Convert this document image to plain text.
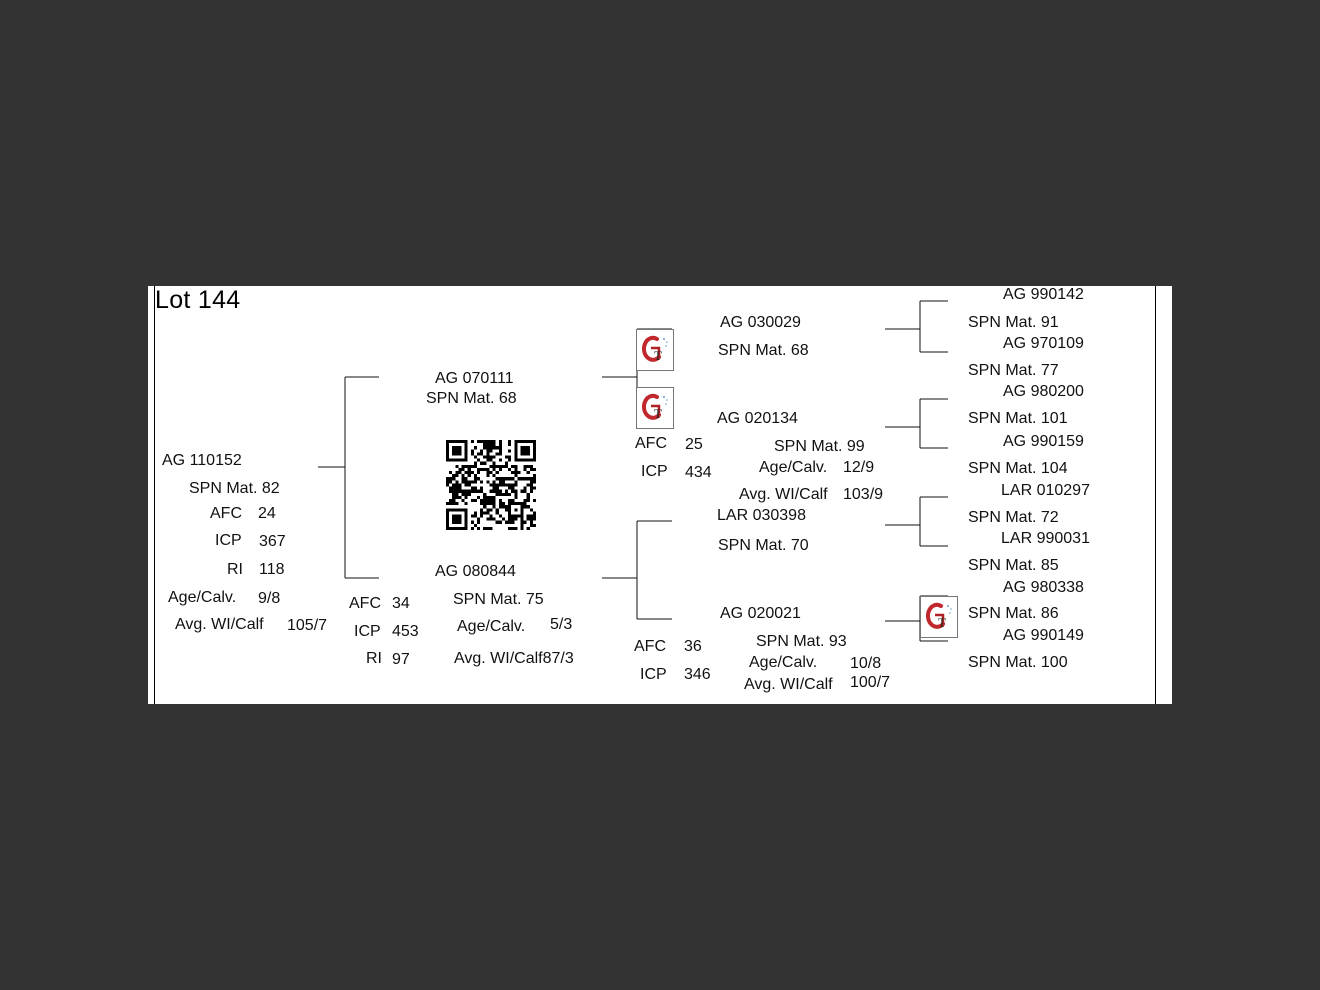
Lot 144
AG 110152
SPN Mat. 82
AFC 24
ICP 367
RI 118
Age/Calv. 9/8
Avg. WI/Calf 105/7
AG 070111
SPN Mat. 68
AG 080844
SPN Mat. 75
AFC 34
ICP 453
RI 97
Age/Calv. 5/3
Avg. WI/Calf87/3
T
T
T
AG 030029
SPN Mat. 68
AG 020134
SPN Mat. 99
AFC 25
ICP 434	Age/Calv. 12/9
Avg. WI/Calf 103/9
LAR 030398
SPN Mat. 70
AG 020021
SPN Mat. 93
AFC 36
ICP 346
Age/Calv. 10/8
Avg. WI/Calf 100/7
AG 990142
SPN Mat. 91
AG 970109
SPN Mat. 77
AG 980200
SPN Mat. 101
AG 990159
SPN Mat. 104
LAR 010297
SPN Mat. 72
LAR 990031
SPN Mat. 85
AG 980338
SPN Mat. 86
AG 990149
SPN Mat. 100
